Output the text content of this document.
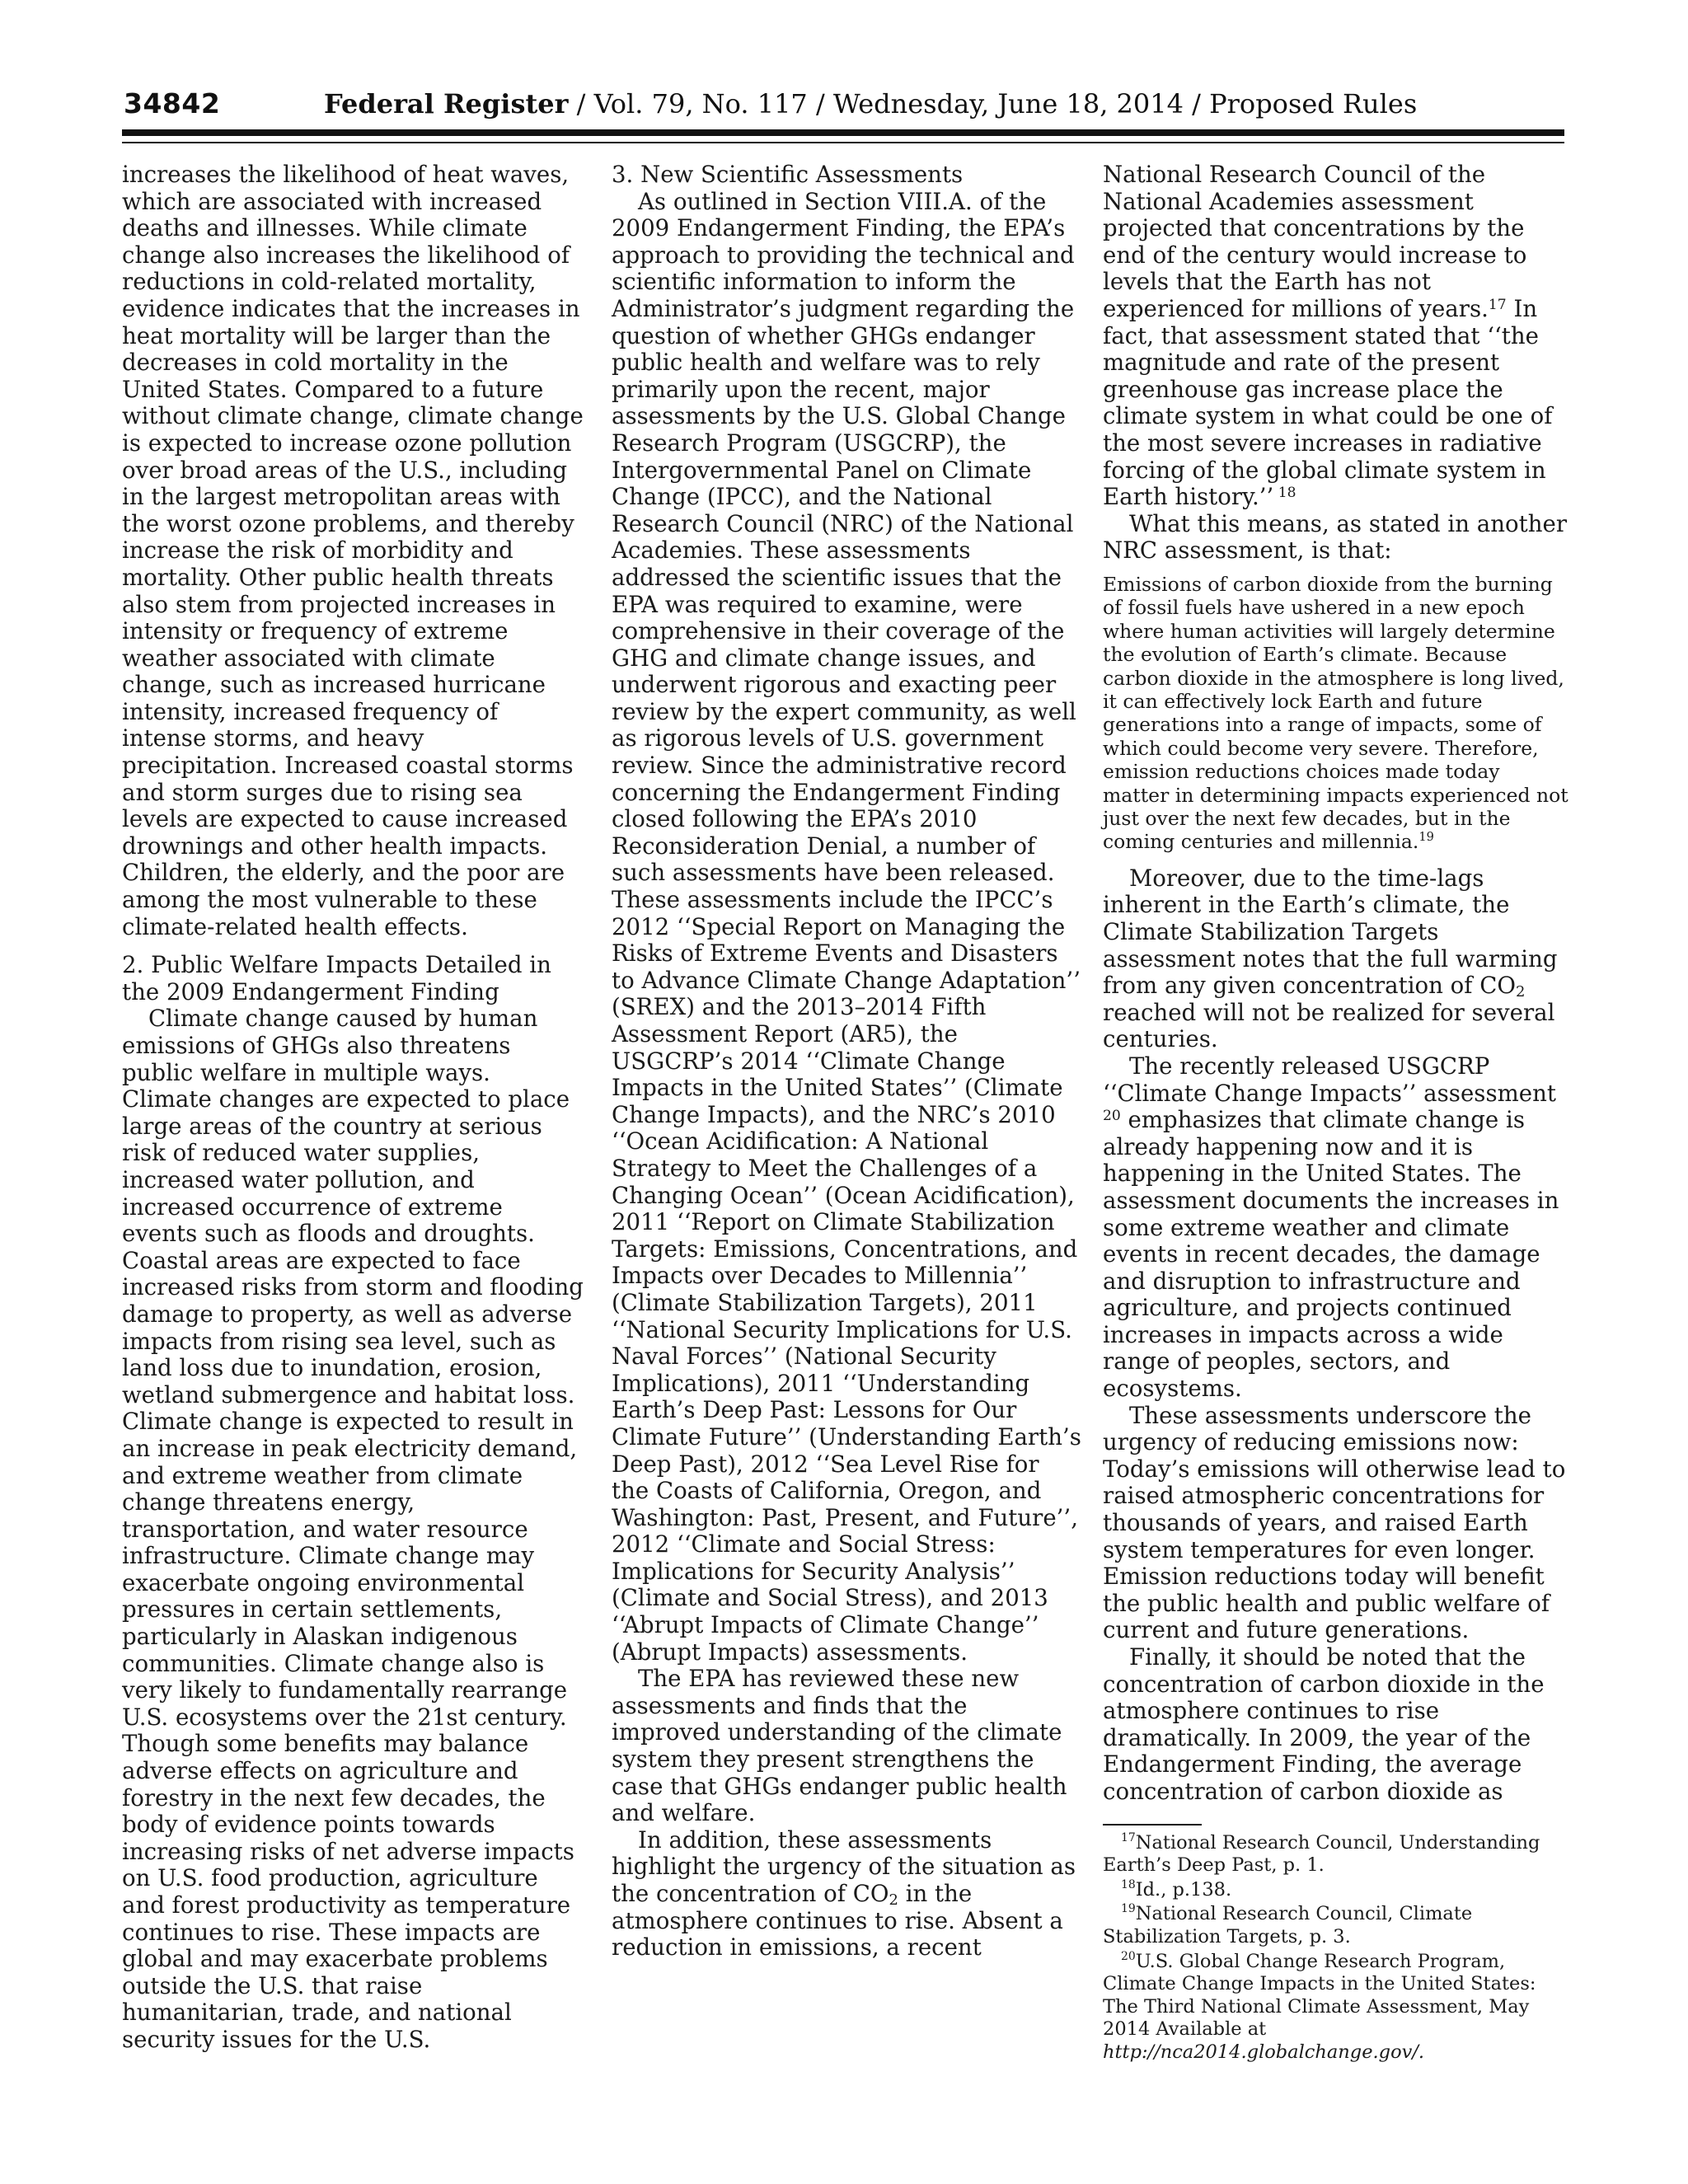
34842	Federal Register / Vol. 79, No. 117 / Wednesday, June 18, 2014 / Proposed Rules

increases the likelihood of heat waves, which are associated with increased deaths and illnesses. While climate change also increases the likelihood of reductions in cold-related mortality, evidence indicates that the increases in heat mortality will be larger than the decreases in cold mortality in the United States. Compared to a future without climate change, climate change is expected to increase ozone pollution over broad areas of the U.S., including in the largest metropolitan areas with the worst ozone problems, and thereby increase the risk of morbidity and mortality. Other public health threats also stem from projected increases in intensity or frequency of extreme weather associated with climate change, such as increased hurricane intensity, increased frequency of intense storms, and heavy precipitation. Increased coastal storms and storm surges due to rising sea levels are expected to cause increased drownings and other health impacts. Children, the elderly, and the poor are among the most vulnerable to these climate-related health effects.

2. Public Welfare Impacts Detailed in the 2009 Endangerment Finding

Climate change caused by human emissions of GHGs also threatens public welfare in multiple ways. Climate changes are expected to place large areas of the country at serious risk of reduced water supplies, increased water pollution, and increased occurrence of extreme events such as floods and droughts. Coastal areas are expected to face increased risks from storm and flooding damage to property, as well as adverse impacts from rising sea level, such as land loss due to inundation, erosion, wetland submergence and habitat loss. Climate change is expected to result in an increase in peak electricity demand, and extreme weather from climate change threatens energy, transportation, and water resource infrastructure. Climate change may exacerbate ongoing environmental pressures in certain settlements, particularly in Alaskan indigenous communities. Climate change also is very likely to fundamentally rearrange U.S. ecosystems over the 21st century. Though some benefits may balance adverse effects on agriculture and forestry in the next few decades, the body of evidence points towards increasing risks of net adverse impacts on U.S. food production, agriculture and forest productivity as temperature continues to rise. These impacts are global and may exacerbate problems outside the U.S. that raise humanitarian, trade, and national security issues for the U.S.

3. New Scientific Assessments

As outlined in Section VIII.A. of the 2009 Endangerment Finding, the EPA’s approach to providing the technical and scientific information to inform the Administrator’s judgment regarding the question of whether GHGs endanger public health and welfare was to rely primarily upon the recent, major assessments by the U.S. Global Change Research Program (USGCRP), the Intergovernmental Panel on Climate Change (IPCC), and the National Research Council (NRC) of the National Academies. These assessments addressed the scientific issues that the EPA was required to examine, were comprehensive in their coverage of the GHG and climate change issues, and underwent rigorous and exacting peer review by the expert community, as well as rigorous levels of U.S. government review. Since the administrative record concerning the Endangerment Finding closed following the EPA’s 2010 Reconsideration Denial, a number of such assessments have been released. These assessments include the IPCC’s 2012 ‘‘Special Report on Managing the Risks of Extreme Events and Disasters to Advance Climate Change Adaptation’’ (SREX) and the 2013–2014 Fifth Assessment Report (AR5), the USGCRP’s 2014 ‘‘Climate Change Impacts in the United States’’ (Climate Change Impacts), and the NRC’s 2010 ‘‘Ocean Acidification: A National Strategy to Meet the Challenges of a Changing Ocean’’ (Ocean Acidification), 2011 ‘‘Report on Climate Stabilization Targets: Emissions, Concentrations, and Impacts over Decades to Millennia’’ (Climate Stabilization Targets), 2011 ‘‘National Security Implications for U.S. Naval Forces’’ (National Security Implications), 2011 ‘‘Understanding Earth’s Deep Past: Lessons for Our Climate Future’’ (Understanding Earth’s Deep Past), 2012 ‘‘Sea Level Rise for the Coasts of California, Oregon, and Washington: Past, Present, and Future’’, 2012 ‘‘Climate and Social Stress: Implications for Security Analysis’’ (Climate and Social Stress), and 2013 ‘‘Abrupt Impacts of Climate Change’’ (Abrupt Impacts) assessments.

The EPA has reviewed these new assessments and finds that the improved understanding of the climate system they present strengthens the case that GHGs endanger public health and welfare.

In addition, these assessments highlight the urgency of the situation as the concentration of $CO_2$ in the atmosphere continues to rise. Absent a reduction in emissions, a recent

National Research Council of the National Academies assessment projected that concentrations by the end of the century would increase to levels that the Earth has not experienced for millions of years.$^{17}$ In fact, that assessment stated that ‘‘the magnitude and rate of the present greenhouse gas increase place the climate system in what could be one of the most severe increases in radiative forcing of the global climate system in Earth history.’’ $^{18}$

What this means, as stated in another NRC assessment, is that:

Emissions of carbon dioxide from the burning of fossil fuels have ushered in a new epoch where human activities will largely determine the evolution of Earth’s climate. Because carbon dioxide in the atmosphere is long lived, it can effectively lock Earth and future generations into a range of impacts, some of which could become very severe. Therefore, emission reductions choices made today matter in determining impacts experienced not just over the next few decades, but in the coming centuries and millennia.$^{19}$

Moreover, due to the time-lags inherent in the Earth’s climate, the Climate Stabilization Targets assessment notes that the full warming from any given concentration of $CO_2$ reached will not be realized for several centuries.

The recently released USGCRP ‘‘Climate Change Impacts’’ assessment $^{20}$ emphasizes that climate change is already happening now and it is happening in the United States. The assessment documents the increases in some extreme weather and climate events in recent decades, the damage and disruption to infrastructure and agriculture, and projects continued increases in impacts across a wide range of peoples, sectors, and ecosystems.

These assessments underscore the urgency of reducing emissions now: Today’s emissions will otherwise lead to raised atmospheric concentrations for thousands of years, and raised Earth system temperatures for even longer. Emission reductions today will benefit the public health and public welfare of current and future generations.

Finally, it should be noted that the concentration of carbon dioxide in the atmosphere continues to rise dramatically. In 2009, the year of the Endangerment Finding, the average concentration of carbon dioxide as

$^{17}$National Research Council, Understanding Earth’s Deep Past, p. 1.

$^{18}$Id., p.138.

$^{19}$National Research Council, Climate Stabilization Targets, p. 3.

$^{20}$U.S. Global Change Research Program, Climate Change Impacts in the United States: The Third National Climate Assessment, May 2014 Available at http://nca2014.globalchange.gov/.
